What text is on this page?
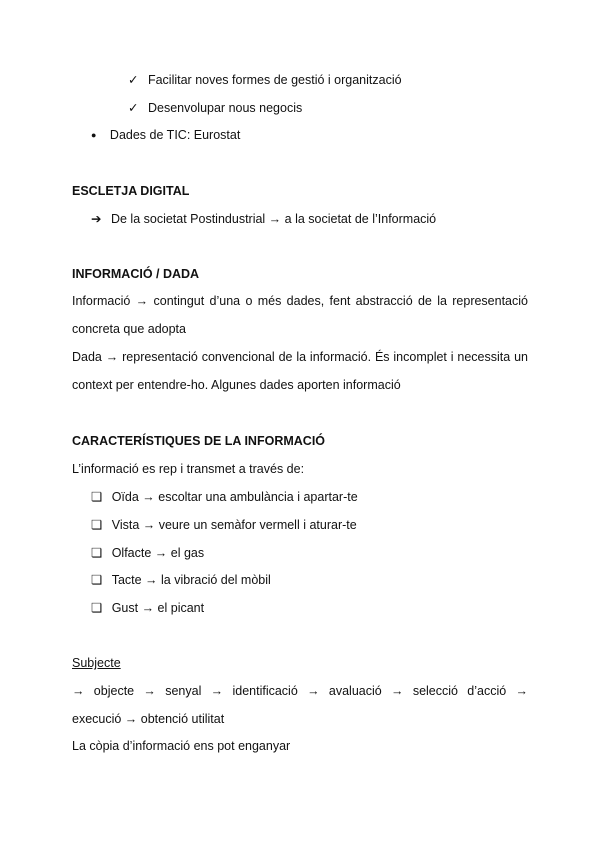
✓ Facilitar noves formes de gestió i organització
✓ Desenvolupar nous negocis
● Dades de TIC: Eurostat
ESCLETJA DIGITAL
➔ De la societat Postindustrial → a la societat de l’Informació
INFORMACIÓ / DADA
Informació → contingut d’una o més dades, fent abstracció de la representació
concreta que adopta
Dada → representació convencional de la informació. És incomplet i necessita un
context per entendre-ho. Algunes dades aporten informació
CARACTERÍSTIQUES DE LA INFORMACIÓ
L’informació es rep i transmet a través de:
❏ Oïda → escoltar una ambulància i apartar-te
❏ Vista → veure un semàfor vermell i aturar-te
❏ Olfacte → el gas
❏ Tacte → la vibració del mòbil
❏ Gust → el picant
Subjecte
→ objecte → senyal → identificació → avaluació → selecció d’acció →
execució → obtenció utilitat
La còpia d’informació ens pot enganyar
